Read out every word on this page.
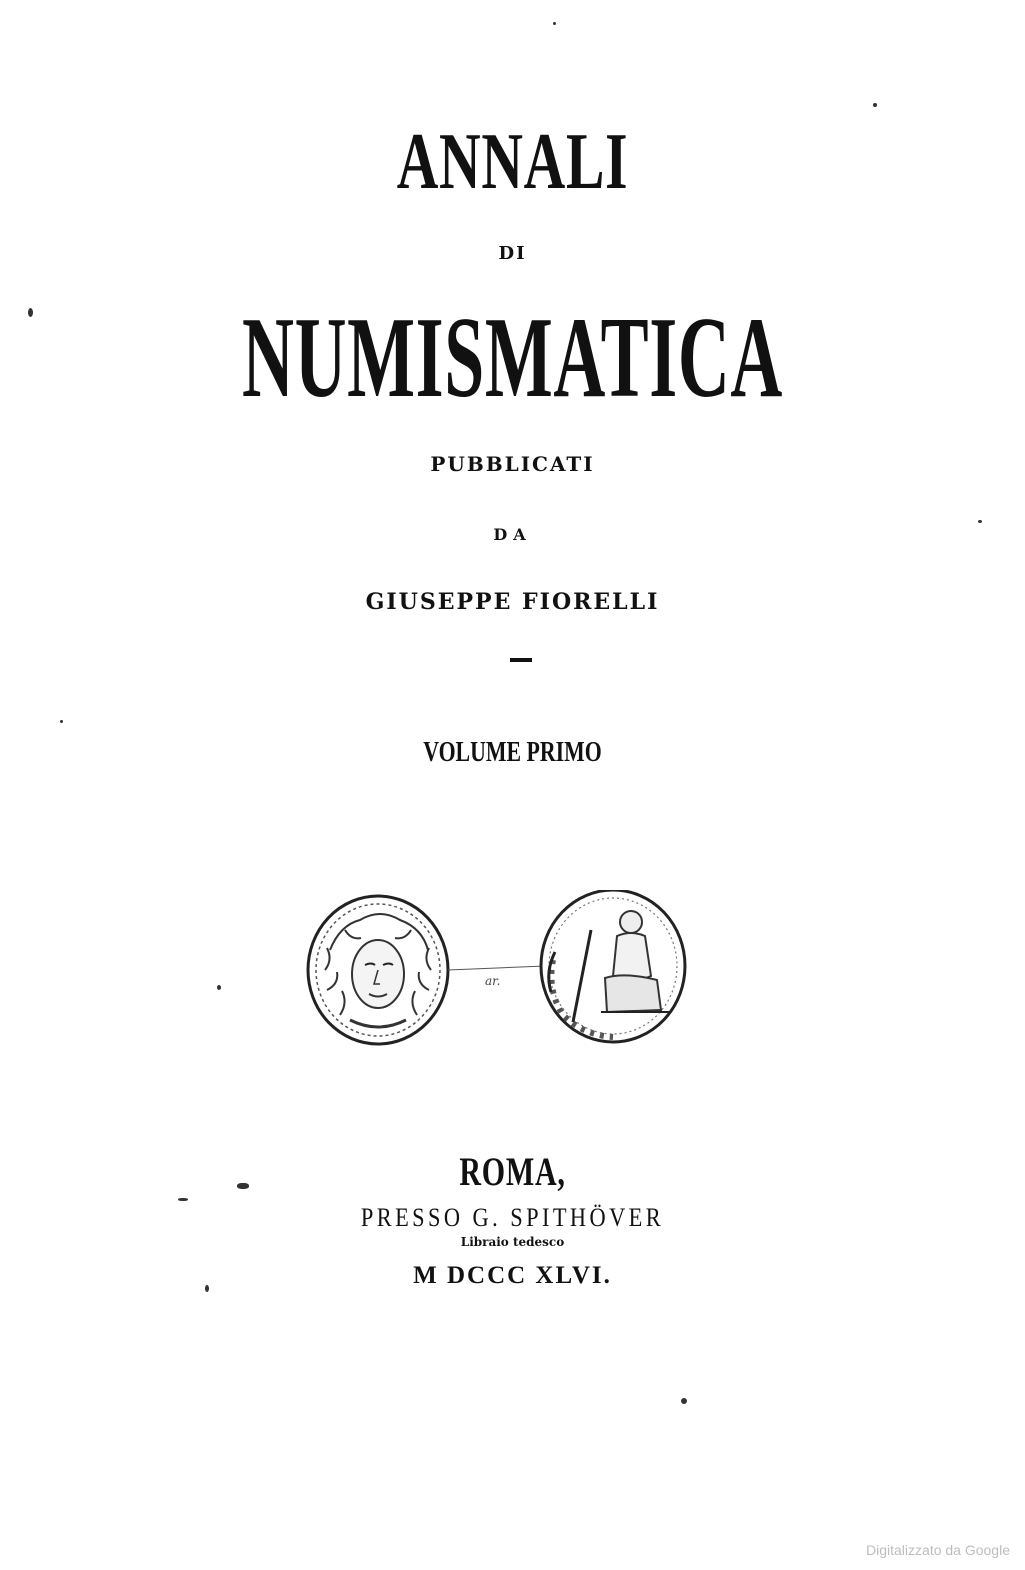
ANNALI
DI
NUMISMATICA
PUBBLICATI
DA
GIUSEPPE FIORELLI
VOLUME PRIMO
ar.
ROMA,
PRESSO G. SPITHÖVER
Libraio tedesco
M DCCC XLVI.
Digitalizzato da Google
